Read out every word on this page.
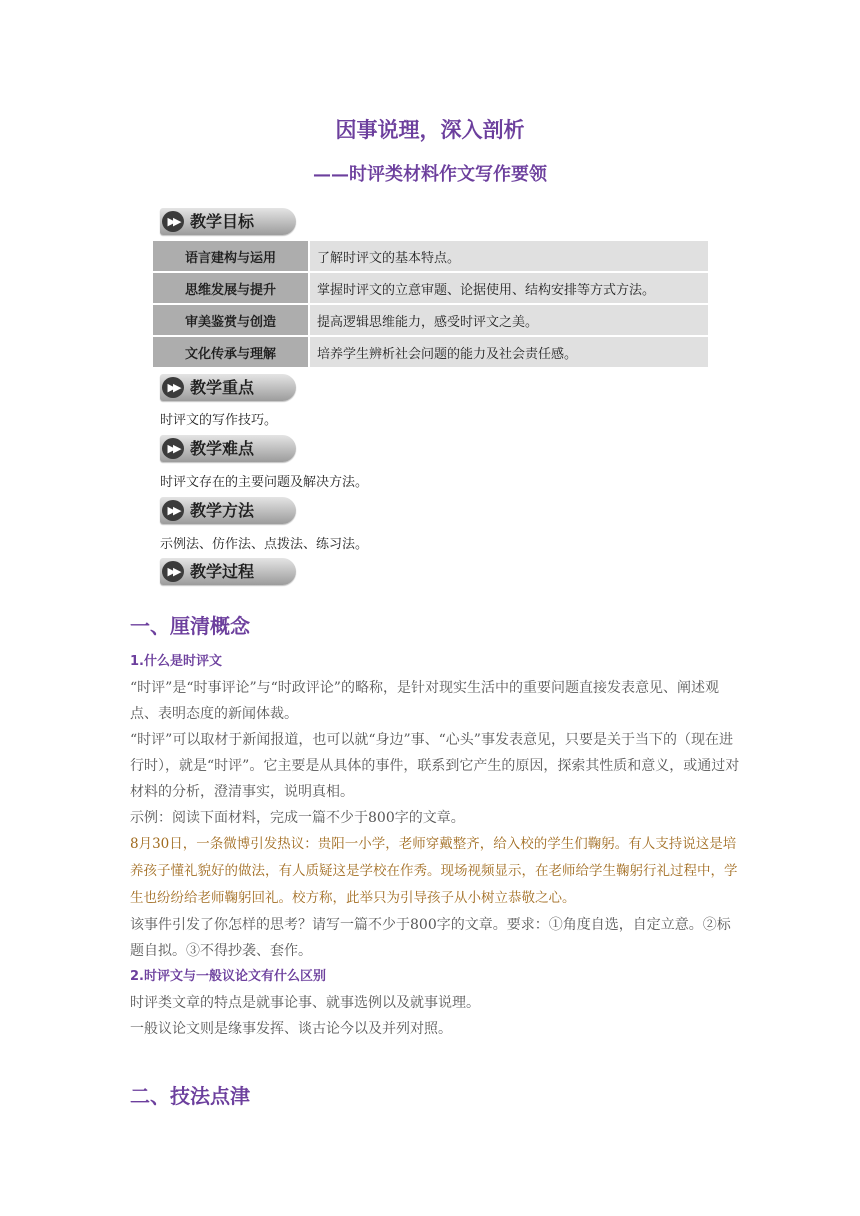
因事说理，深入剖析
——时评类材料作文写作要领
▶▶ 教学目标
语言建构与运用	了解时评文的基本特点。
思维发展与提升	掌握时评文的立意审题、论据使用、结构安排等方式方法。
审美鉴赏与创造	提高逻辑思维能力，感受时评文之美。
文化传承与理解	培养学生辨析社会问题的能力及社会责任感。
▶▶ 教学重点
时评文的写作技巧。
▶▶ 教学难点
时评文存在的主要问题及解决方法。
▶▶ 教学方法
示例法、仿作法、点拨法、练习法。
▶▶ 教学过程
一、厘清概念
1.什么是时评文
“时评”是“时事评论”与“时政评论”的略称，是针对现实生活中的重要问题直接发表意见、阐述观点、表明态度的新闻体裁。
“时评”可以取材于新闻报道，也可以就“身边”事、“心头”事发表意见，只要是关于当下的（现在进行时），就是“时评”。它主要是从具体的事件，联系到它产生的原因，探索其性质和意义，或通过对材料的分析，澄清事实，说明真相。
示例：阅读下面材料，完成一篇不少于800字的文章。
8月30日，一条微博引发热议：贵阳一小学，老师穿戴整齐，给入校的学生们鞠躬。有人支持说这是培养孩子懂礼貌好的做法，有人质疑这是学校在作秀。现场视频显示，在老师给学生鞠躬行礼过程中，学生也纷纷给老师鞠躬回礼。校方称，此举只为引导孩子从小树立恭敬之心。
该事件引发了你怎样的思考？请写一篇不少于800字的文章。要求：①角度自选，自定立意。②标题自拟。③不得抄袭、套作。
2.时评文与一般议论文有什么区别
时评类文章的特点是就事论事、就事选例以及就事说理。
一般议论文则是缘事发挥、谈古论今以及并列对照。
二、技法点津
